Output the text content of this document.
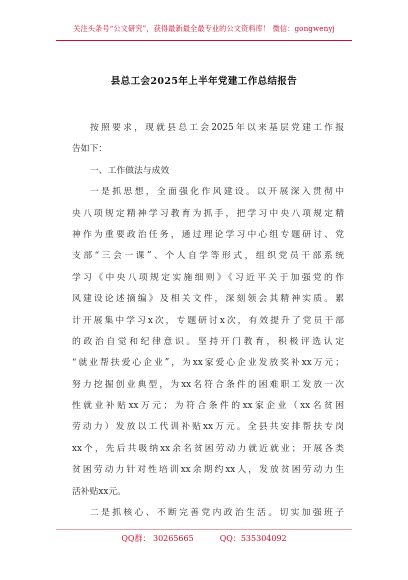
关注头条号“公文研究”，获得最新最全最专业的公文资料库！ 微信：gongwenyj
县总工会2025年上半年党建工作总结报告
按照要求，现就县总工会2025年以来基层党建工作报
告如下：
一、工作做法与成效
一是抓思想，全面强化作风建设。以开展深入贯彻中
央八项规定精神学习教育为抓手，把学习中央八项规定精
神作为重要政治任务，通过理论学习中心组专题研讨、党
支部“三会一课”、个人自学等形式，组织党员干部系统
学习《中央八项规定实施细则》《习近平关于加强党的作
风建设论述摘编》及相关文件，深刻领会其精神实质。累
计开展集中学习x次，专题研讨x次，有效提升了党员干部
的政治自觉和纪律意识。坚持开门教育，积极评选认定
“就业帮扶爱心企业”，为xx家爱心企业发放奖补xx万元；
努力挖掘创业典型，为xx名符合条件的困难职工发放一次
性就业补贴xx万元；为符合条件的xx家企业（xx名贫困
劳动力）发放以工代训补贴xx万元。全县共安排帮扶专岗
xx个，先后共吸纳xx余名贫困劳动力就近就业；开展各类
贫困劳动力针对性培训xx余期约xx人，发放贫困劳动力生
活补贴xx元。
二是抓核心、不断完善党内政治生活。切实加强班子
QQ群： 30265665	QQ：535304092
